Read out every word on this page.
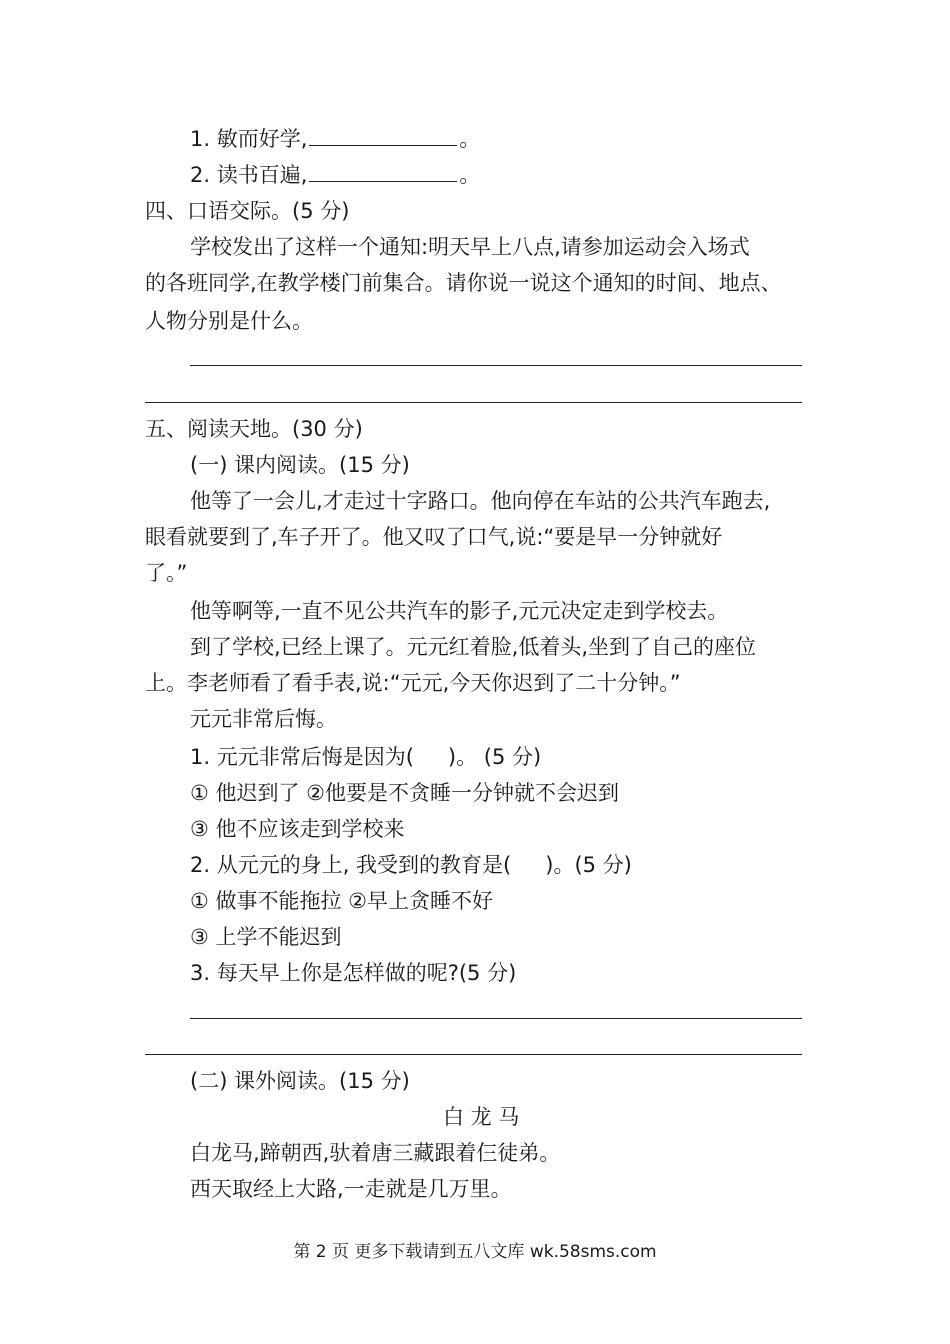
1. 敏而好学,	。
2. 读书百遍,	。
四、口语交际。(5 分)
学校发出了这样一个通知:明天早上八点,请参加运动会入场式
的各班同学,在教学楼门前集合。请你说一说这个通知的时间、地点、
人物分别是什么。
五、阅读天地。(30 分)
(一) 课内阅读。(15 分)
他等了一会儿,才走过十字路口。他向停在车站的公共汽车跑去,
眼看就要到了,车子开了。他又叹了口气,说:“要是早一分钟就好
了。”
他等啊等,一直不见公共汽车的影子,元元决定走到学校去。
到了学校,已经上课了。元元红着脸,低着头,坐到了自己的座位
上。李老师看了看手表,说:“元元,今天你迟到了二十分钟。”
元元非常后悔。
1. 元元非常后悔是因为( )。 (5 分)
① 他迟到了 ②他要是不贪睡一分钟就不会迟到
③ 他不应该走到学校来
2. 从元元的身上, 我受到的教育是( )。(5 分)
① 做事不能拖拉 ②早上贪睡不好
③ 上学不能迟到
3. 每天早上你是怎样做的呢?(5 分)
(二) 课外阅读。(15 分)
白 龙 马
白龙马,蹄朝西,驮着唐三藏跟着仨徒弟。
西天取经上大路,一走就是几万里。
第 2 页 更多下载请到五八文库 wk.58sms.com
